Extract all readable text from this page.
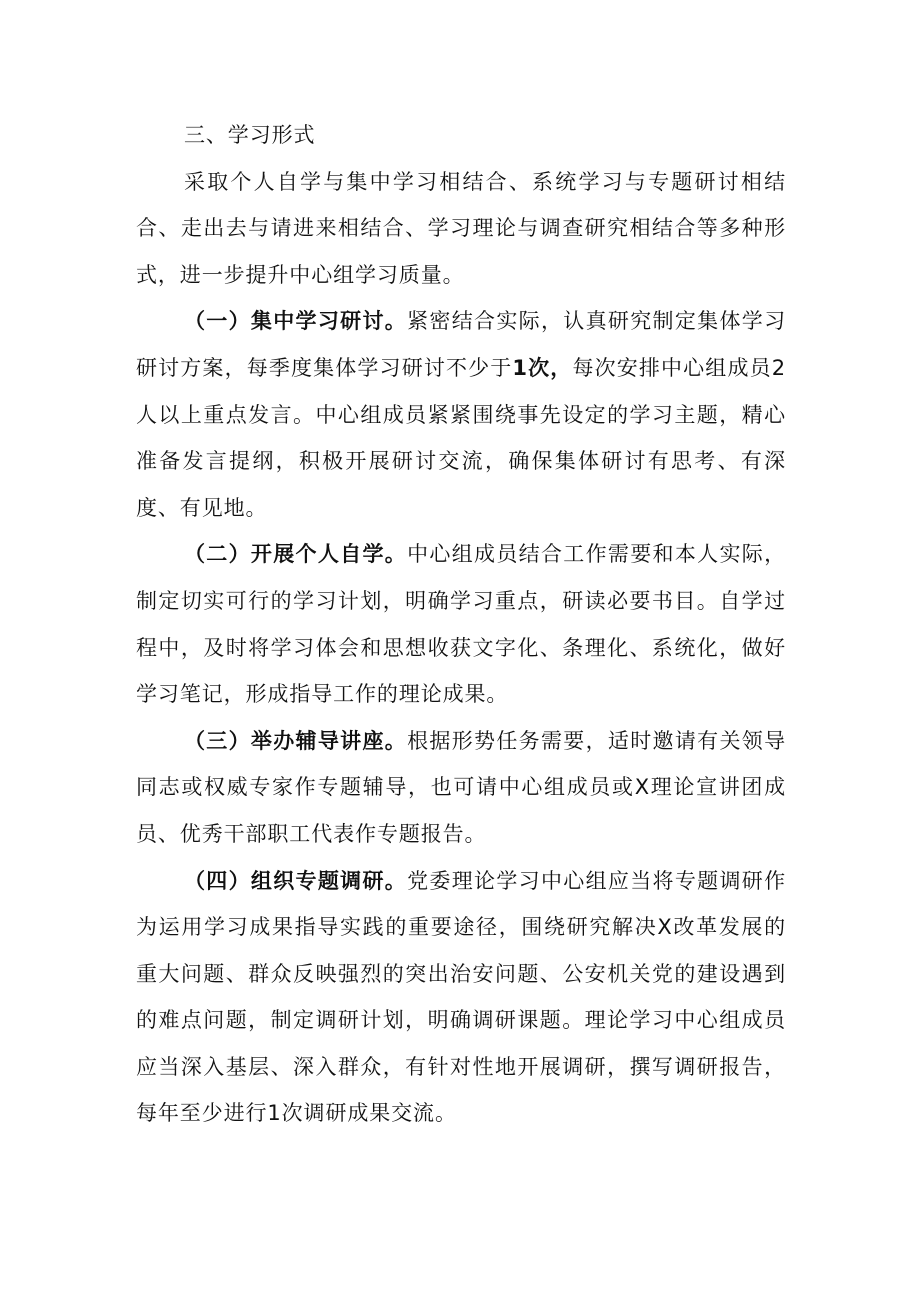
三、学习形式

采取个人自学与集中学习相结合、系统学习与专题研讨相结合、走出去与请进来相结合、学习理论与调查研究相结合等多种形式，进一步提升中心组学习质量。

（一）集中学习研讨。紧密结合实际，认真研究制定集体学习研讨方案，每季度集体学习研讨不少于1次，每次安排中心组成员2人以上重点发言。中心组成员紧紧围绕事先设定的学习主题，精心准备发言提纲，积极开展研讨交流，确保集体研讨有思考、有深度、有见地。

（二）开展个人自学。中心组成员结合工作需要和本人实际，制定切实可行的学习计划，明确学习重点，研读必要书目。自学过程中，及时将学习体会和思想收获文字化、条理化、系统化，做好学习笔记，形成指导工作的理论成果。

（三）举办辅导讲座。根据形势任务需要，适时邀请有关领导同志或权威专家作专题辅导，也可请中心组成员或X理论宣讲团成员、优秀干部职工代表作专题报告。

（四）组织专题调研。党委理论学习中心组应当将专题调研作为运用学习成果指导实践的重要途径，围绕研究解决X改革发展的重大问题、群众反映强烈的突出治安问题、公安机关党的建设遇到的难点问题，制定调研计划，明确调研课题。理论学习中心组成员应当深入基层、深入群众，有针对性地开展调研，撰写调研报告，每年至少进行1次调研成果交流。
